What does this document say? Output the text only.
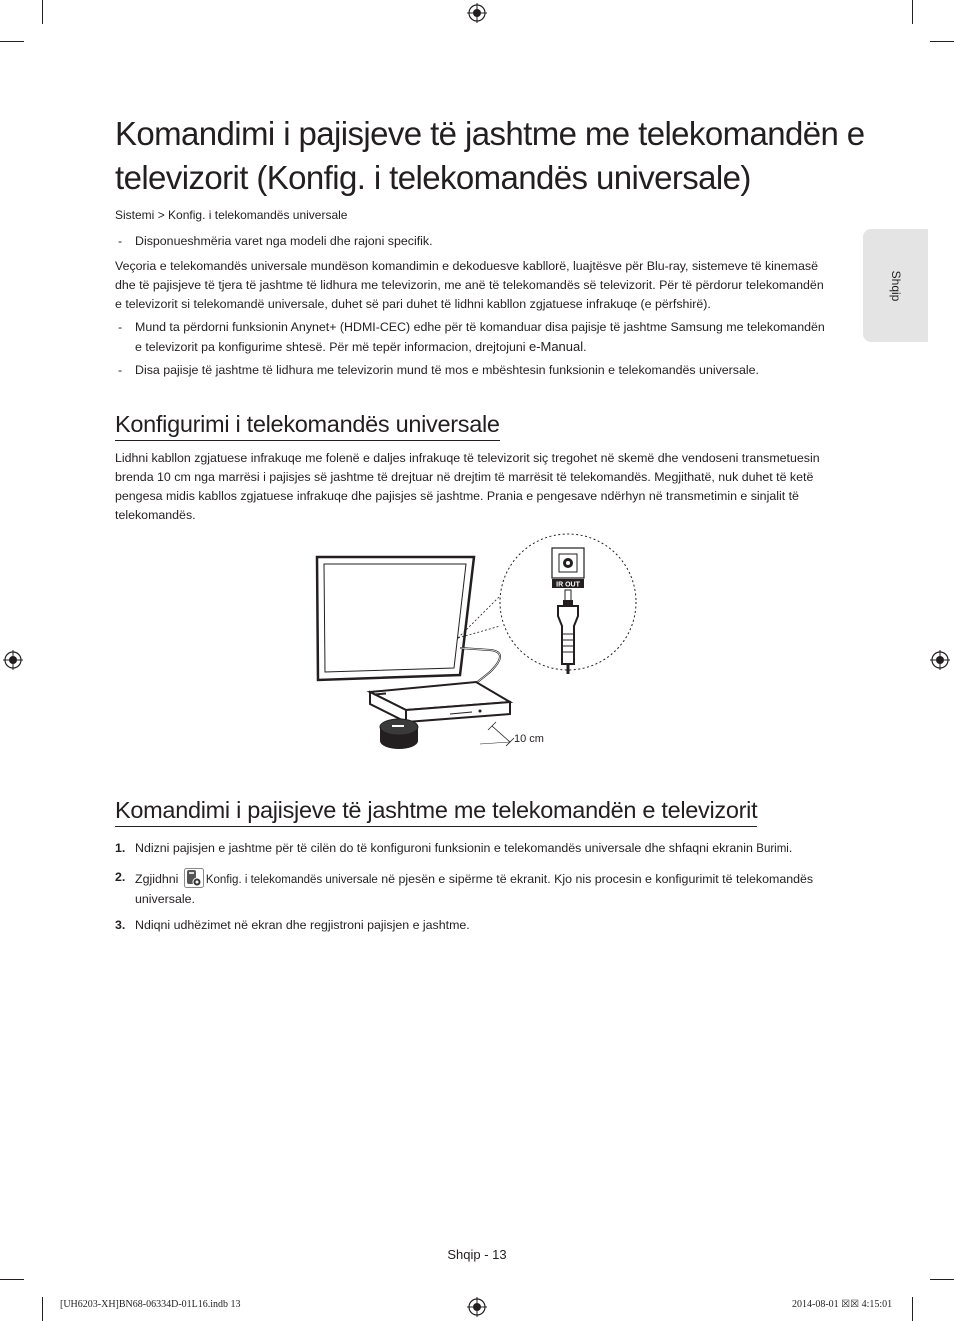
Shqip
Komandimi i pajisjeve të jashtme me telekomandën e televizorit (Konfig. i telekomandës universale)
Sistemi > Konfig. i telekomandës universale
- Disponueshmëria varet nga modeli dhe rajoni specifik.
Veçoria e telekomandës universale mundëson komandimin e dekoduesve kabllorë, luajtësve për Blu-ray, sistemeve të kinemasë dhe të pajisjeve të tjera të jashtme të lidhura me televizorin, me anë të telekomandës së televizorit. Për të përdorur telekomandën e televizorit si telekomandë universale, duhet së pari duhet të lidhni kabllon zgjatuese infrakuqe (e përfshirë).
- Mund ta përdorni funksionin Anynet+ (HDMI-CEC) edhe për të komanduar disa pajisje të jashtme Samsung me telekomandën e televizorit pa konfigurime shtesë. Për më tepër informacion, drejtojuni e-Manual.
- Disa pajisje të jashtme të lidhura me televizorin mund të mos e mbështesin funksionin e telekomandës universale.
Konfigurimi i telekomandës universale
Lidhni kabllon zgjatuese infrakuqe me folenë e daljes infrakuqe të televizorit siç tregohet në skemë dhe vendoseni transmetuesin brenda 10 cm nga marrësi i pajisjes së jashtme të drejtuar në drejtim të marrësit të telekomandës. Megjithatë, nuk duhet të ketë pengesa midis kabllos zgjatuese infrakuqe dhe pajisjes së jashtme. Prania e pengesave ndërhyn në transmetimin e sinjalit të telekomandës.
IR OUT
10 cm
Komandimi i pajisjeve të jashtme me telekomandën e televizorit
1. Ndizni pajisjen e jashtme për të cilën do të konfiguroni funksionin e telekomandës universale dhe shfaqni ekranin Burimi.
2. Zgjidhni Konfig. i telekomandës universale në pjesën e sipërme të ekranit. Kjo nis procesin e konfigurimit të telekomandës universale.
3. Ndiqni udhëzimet në ekran dhe regjistroni pajisjen e jashtme.
Shqip - 13
[UH6203-XH]BN68-06334D-01L16.indb 13	2014-08-01 ☒☒ 4:15:01
